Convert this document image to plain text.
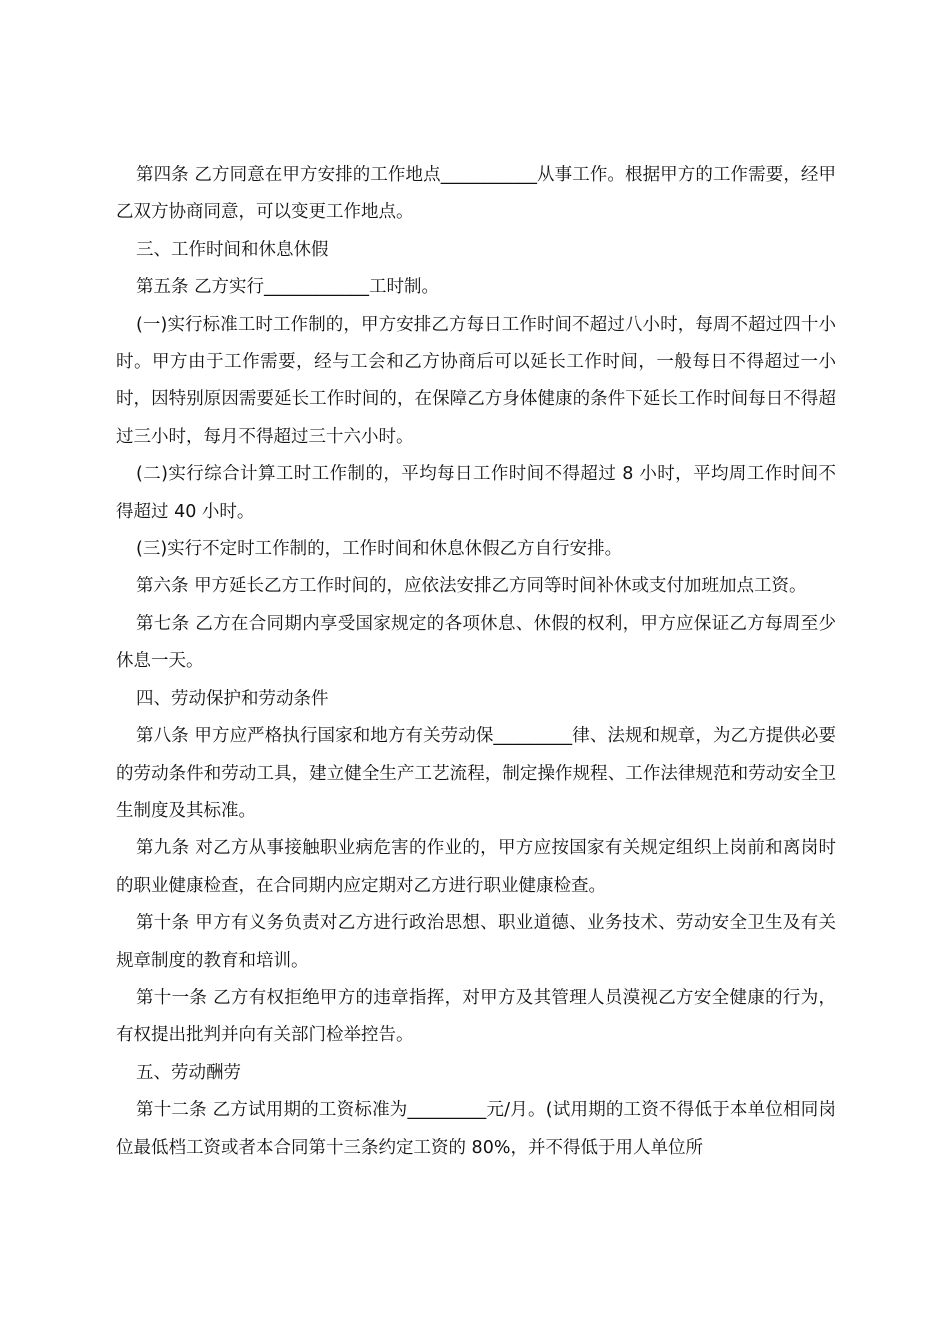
第四条 乙方同意在甲方安排的工作地点___________从事工作。根据甲方的工作需要，经甲乙双方协商同意，可以变更工作地点。

三、工作时间和休息休假

第五条 乙方实行____________工时制。

(一)实行标准工时工作制的，甲方安排乙方每日工作时间不超过八小时，每周不超过四十小时。甲方由于工作需要，经与工会和乙方协商后可以延长工作时间，一般每日不得超过一小时，因特别原因需要延长工作时间的，在保障乙方身体健康的条件下延长工作时间每日不得超过三小时，每月不得超过三十六小时。

(二)实行综合计算工时工作制的，平均每日工作时间不得超过 8 小时，平均周工作时间不得超过 40 小时。

(三)实行不定时工作制的，工作时间和休息休假乙方自行安排。

第六条 甲方延长乙方工作时间的，应依法安排乙方同等时间补休或支付加班加点工资。

第七条 乙方在合同期内享受国家规定的各项休息、休假的权利，甲方应保证乙方每周至少休息一天。

四、劳动保护和劳动条件

第八条 甲方应严格执行国家和地方有关劳动保_________律、法规和规章，为乙方提供必要的劳动条件和劳动工具，建立健全生产工艺流程，制定操作规程、工作法律规范和劳动安全卫生制度及其标准。

第九条 对乙方从事接触职业病危害的作业的，甲方应按国家有关规定组织上岗前和离岗时的职业健康检查，在合同期内应定期对乙方进行职业健康检查。

第十条 甲方有义务负责对乙方进行政治思想、职业道德、业务技术、劳动安全卫生及有关规章制度的教育和培训。

第十一条 乙方有权拒绝甲方的违章指挥，对甲方及其管理人员漠视乙方安全健康的行为，有权提出批判并向有关部门检举控告。

五、劳动酬劳

第十二条 乙方试用期的工资标准为_________元/月。(试用期的工资不得低于本单位相同岗位最低档工资或者本合同第十三条约定工资的 80%，并不得低于用人单位所
